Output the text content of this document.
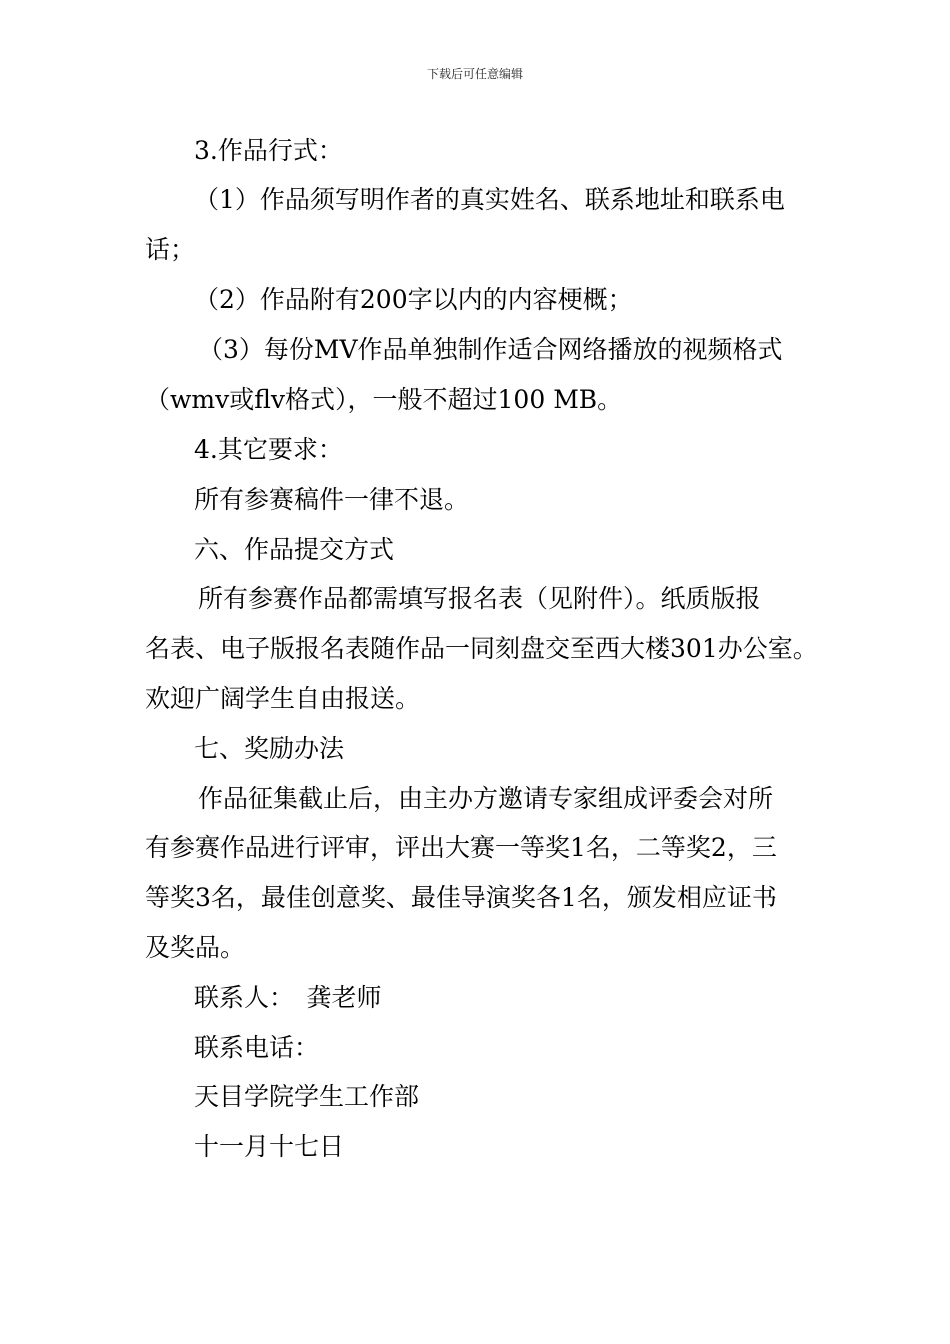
下载后可任意编辑
3.作品行式：
（1）作品须写明作者的真实姓名、联系地址和联系电
话；
（2）作品附有200字以内的内容梗概；
（3）每份MV作品单独制作适合网络播放的视频格式
（wmv或flv格式），一般不超过100 MB。
4.其它要求：
所有参赛稿件一律不退。
六、作品提交方式
所有参赛作品都需填写报名表（见附件）。纸质版报
名表、电子版报名表随作品一同刻盘交至西大楼301办公室。
欢迎广阔学生自由报送。
七、奖励办法
作品征集截止后，由主办方邀请专家组成评委会对所
有参赛作品进行评审，评出大赛一等奖1名，二等奖2，三
等奖3名，最佳创意奖、最佳导演奖各1名，颁发相应证书
及奖品。
联系人：　龚老师
联系电话：
天目学院学生工作部
十一月十七日
